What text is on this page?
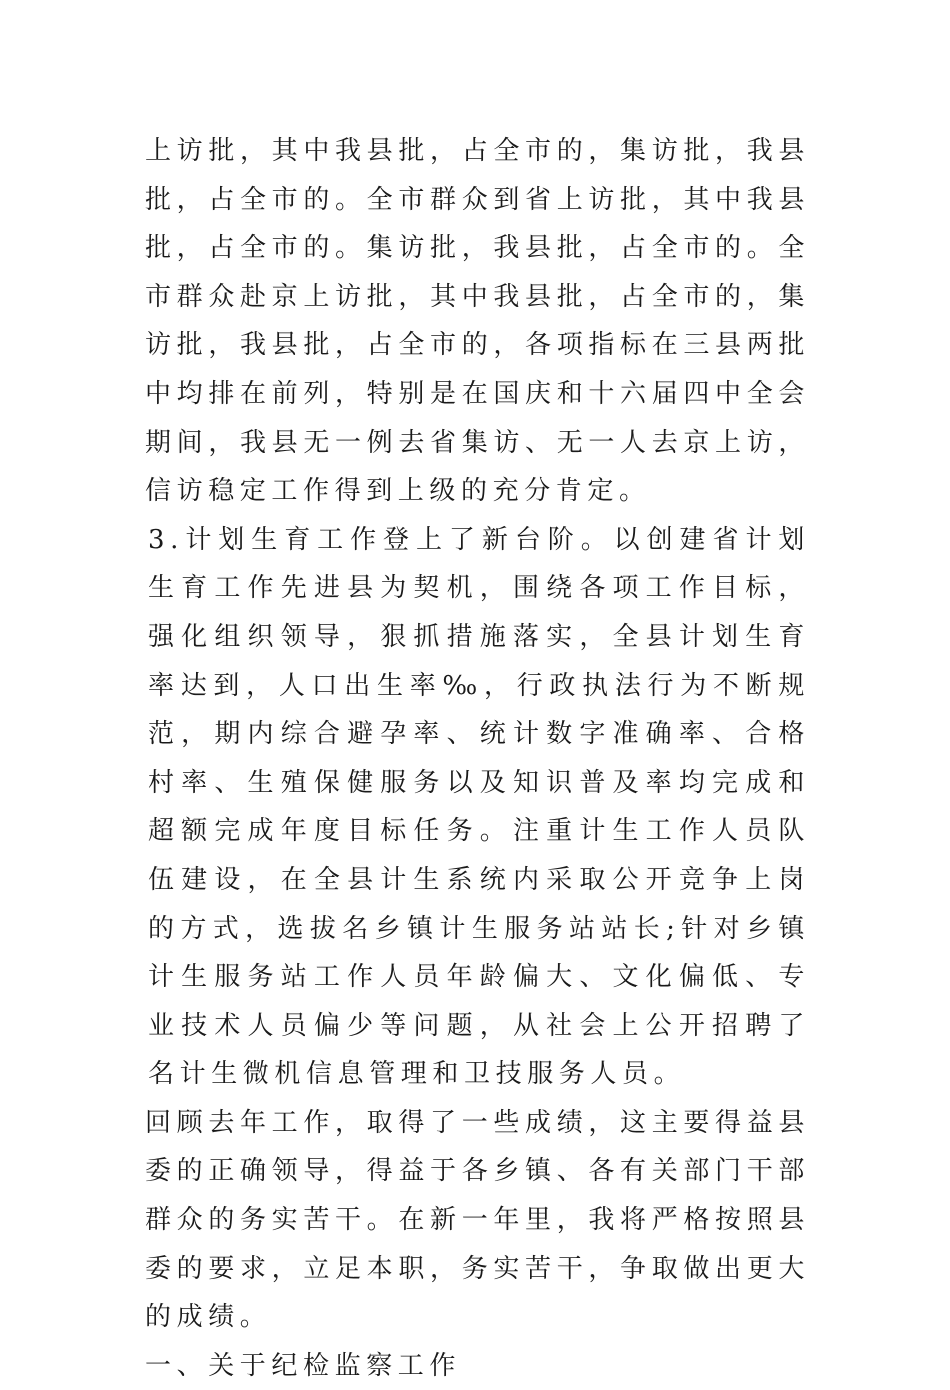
上访批，其中我县批，占全市的，集访批，我县批，占全市的。全市群众到省上访批，其中我县批，占全市的。集访批，我县批，占全市的。全市群众赴京上访批，其中我县批，占全市的，集访批，我县批，占全市的，各项指标在三县两批中均排在前列，特别是在国庆和十六届四中全会期间，我县无一例去省集访、无一人去京上访，信访稳定工作得到上级的充分肯定。

3.计划生育工作登上了新台阶。以创建省计划生育工作先进县为契机，围绕各项工作目标，强化组织领导，狠抓措施落实，全县计划生育率达到，人口出生率‰，行政执法行为不断规范，期内综合避孕率、统计数字准确率、合格村率、生殖保健服务以及知识普及率均完成和超额完成年度目标任务。注重计生工作人员队伍建设，在全县计生系统内采取公开竞争上岗的方式，选拔名乡镇计生服务站站长;针对乡镇计生服务站工作人员年龄偏大、文化偏低、专业技术人员偏少等问题，从社会上公开招聘了名计生微机信息管理和卫技服务人员。

回顾去年工作，取得了一些成绩，这主要得益县委的正确领导，得益于各乡镇、各有关部门干部群众的务实苦干。在新一年里，我将严格按照县委的要求，立足本职，务实苦干，争取做出更大的成绩。

一、关于纪检监察工作
